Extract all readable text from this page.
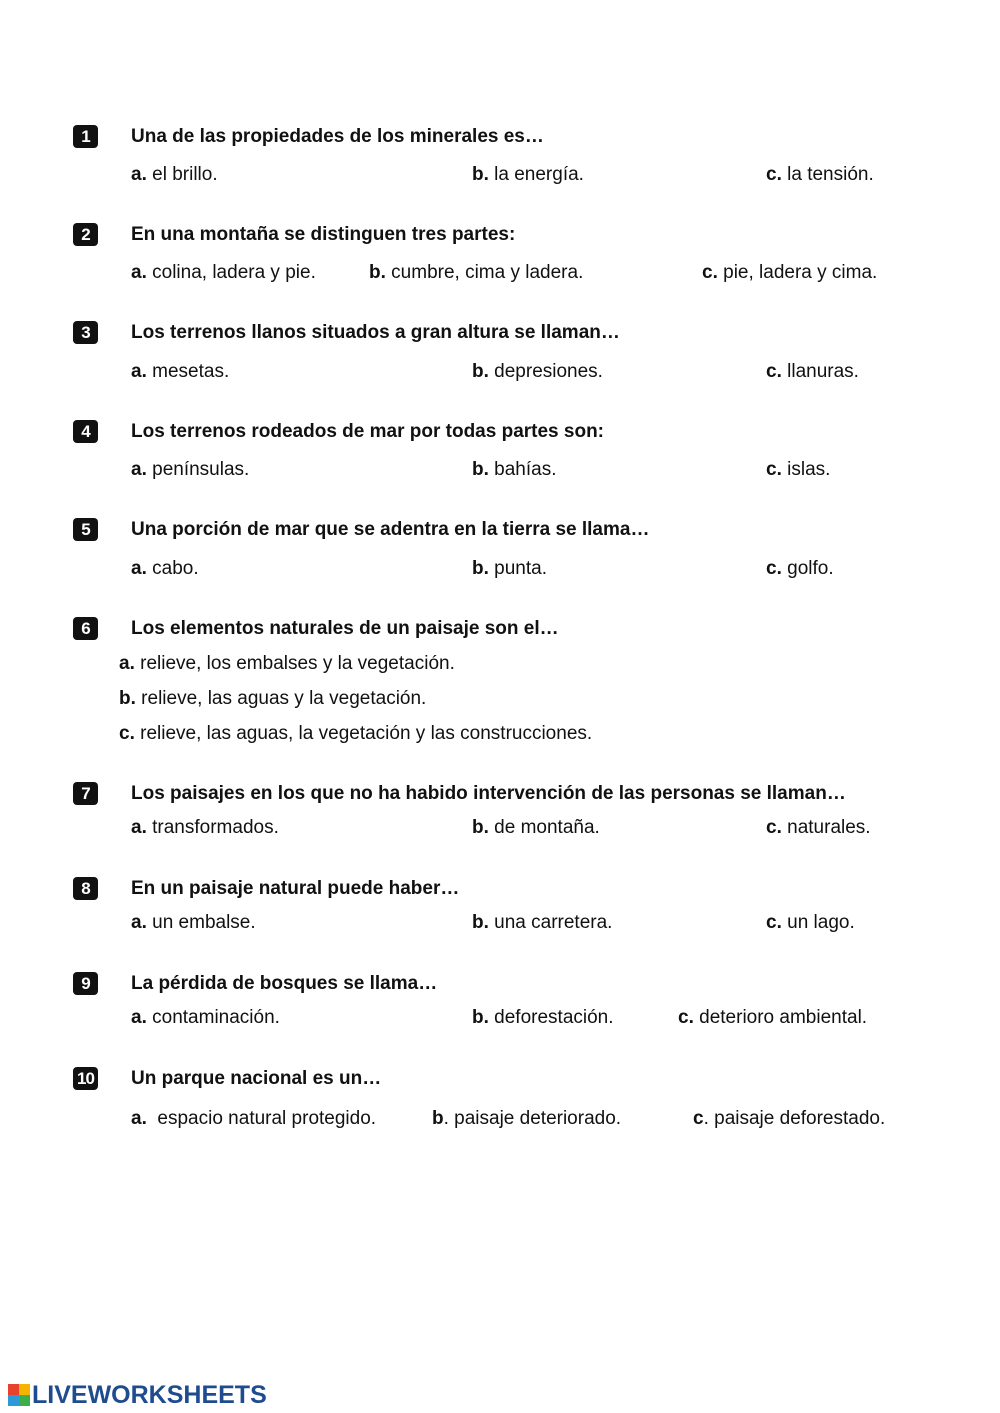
1	Una de las propiedades de los minerales es…
a. el brillo.	b. la energía.	c. la tensión.
2	En una montaña se distinguen tres partes:
a. colina, ladera y pie.	b. cumbre, cima y ladera.	c. pie, ladera y cima.
3	Los terrenos llanos situados a gran altura se llaman…
a. mesetas.	b. depresiones.	c. llanuras.
4	Los terrenos rodeados de mar por todas partes son:
a. penínsulas.	b. bahías.	c. islas.
5	Una porción de mar que se adentra en la tierra se llama…
a. cabo.	b. punta.	c. golfo.
6	Los elementos naturales de un paisaje son el…
a. relieve, los embalses y la vegetación.
b. relieve, las aguas y la vegetación.
c. relieve, las aguas, la vegetación y las construcciones.
7	Los paisajes en los que no ha habido intervención de las personas se llaman…
a. transformados.	b. de montaña.	c. naturales.
8	En un paisaje natural puede haber…
a. un embalse.	b. una carretera.	c. un lago.
9	La pérdida de bosques se llama…
a. contaminación.	b. deforestación.	c. deterioro ambiental.
10 Un parque nacional es un…
a.  espacio natural protegido.	b. paisaje deteriorado.	c. paisaje deforestado.
LIVEWORKSHEETS
